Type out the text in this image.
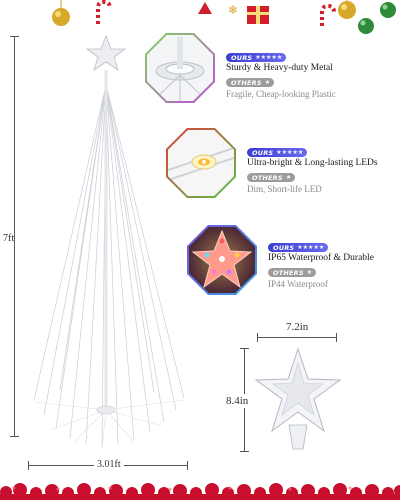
❄
7ft
3.01ft
OURS ★★★★★
Sturdy & Heavy-duty Metal
OTHERS ★
Fragile, Cheap-looking Plastic
OURS ★★★★★
Ultra-bright & Long-lasting LEDs
OTHERS ★
Dim, Short-life LED
OURS ★★★★★
IP65 Waterproof & Durable
OTHERS ★
IP44 Waterproof
7.2in
8.4in
